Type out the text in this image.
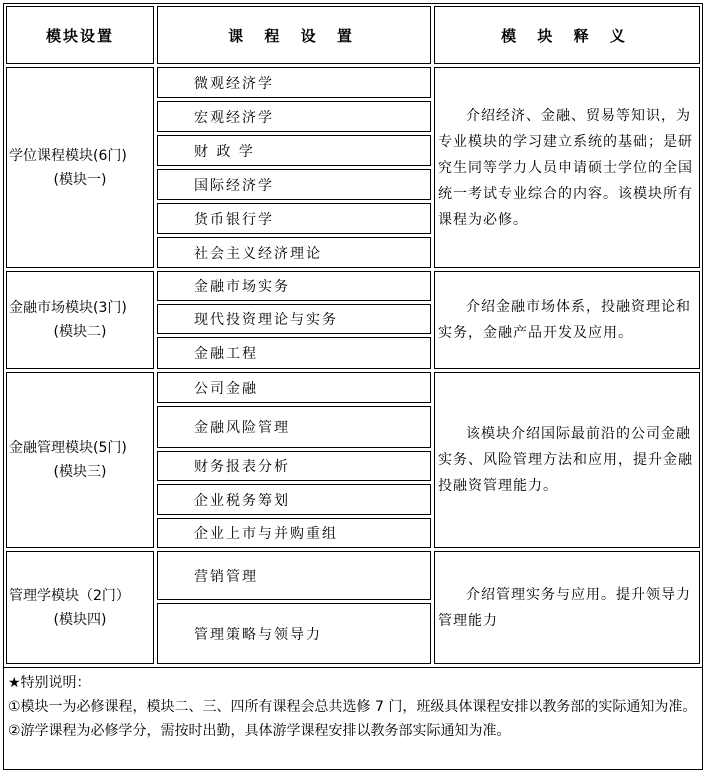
模块设置	课 程 设 置	模 块 释 义
学位课程模块(6门)
(模块一)
微观经济学
宏观经济学
财 政 学
国际经济学
货币银行学
社会主义经济理论

介绍经济、金融、贸易等知识，为专业模块的学习建立系统的基础；是研究生同等学力人员申请硕士学位的全国统一考试专业综合的内容。该模块所有课程为必修。

金融市场模块(3门)
(模块二)
金融市场实务
现代投资理论与实务
金融工程

介绍金融市场体系，投融资理论和实务，金融产品开发及应用。

金融管理模块(5门)
(模块三)
公司金融
金融风险管理
财务报表分析
企业税务筹划
企业上市与并购重组

该模块介绍国际最前沿的公司金融实务、风险管理方法和应用，提升金融投融资管理能力。

管理学模块（2门）
(模块四)
营销管理
管理策略与领导力

介绍管理实务与应用。提升领导力管理能力

★特别说明：
①模块一为必修课程，模块二、三、四所有课程会总共选修 7 门，班级具体课程安排以教务部的实际通知为准。
②游学课程为必修学分，需按时出勤，具体游学课程安排以教务部实际通知为准。
